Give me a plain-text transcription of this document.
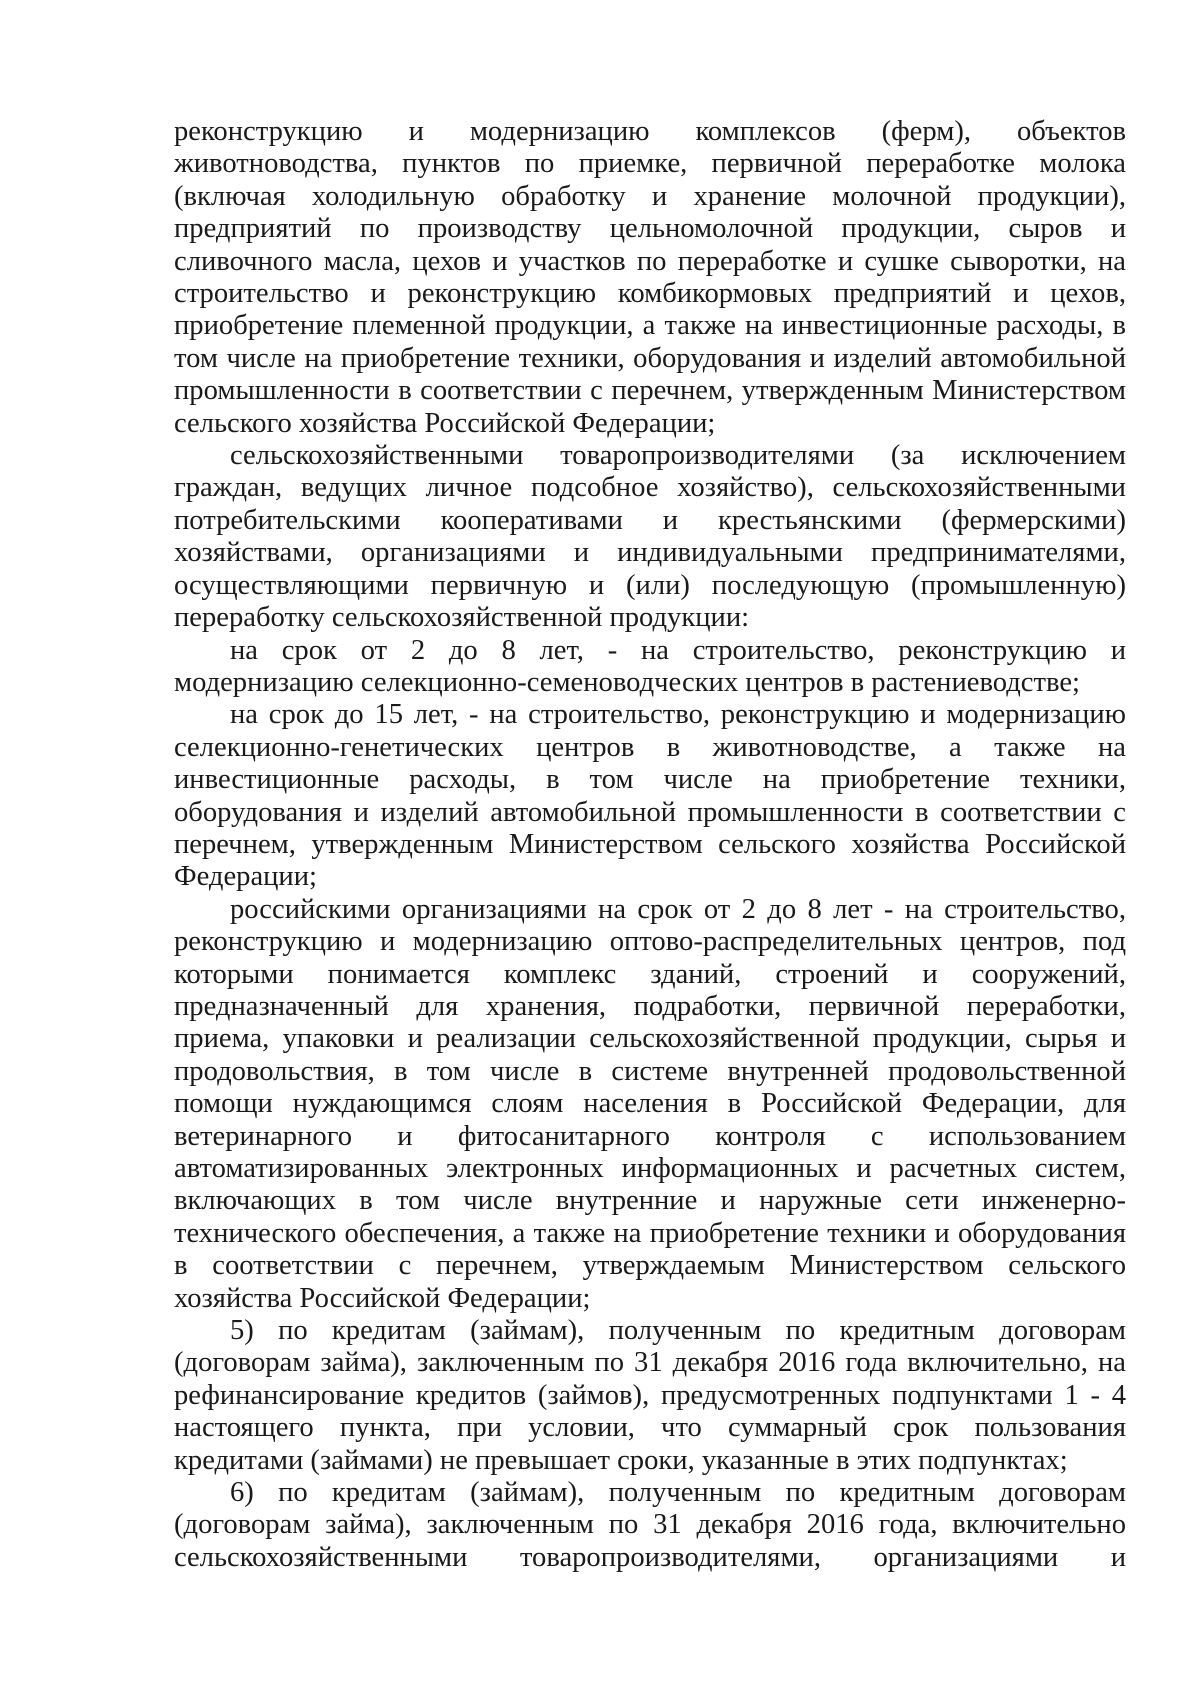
реконструкцию и модернизацию комплексов (ферм), объектов
животноводства, пунктов по приемке, первичной переработке молока
(включая холодильную обработку и хранение молочной продукции),
предприятий по производству цельномолочной продукции, сыров и
сливочного масла, цехов и участков по переработке и сушке сыворотки, на
строительство и реконструкцию комбикормовых предприятий и цехов,
приобретение племенной продукции, а также на инвестиционные расходы, в
том числе на приобретение техники, оборудования и изделий автомобильной
промышленности в соответствии с перечнем, утвержденным Министерством
сельского хозяйства Российской Федерации;

сельскохозяйственными товаропроизводителями (за исключением
граждан, ведущих личное подсобное хозяйство), сельскохозяйственными
потребительскими кооперативами и крестьянскими (фермерскими)
хозяйствами, организациями и индивидуальными предпринимателями,
осуществляющими первичную и (или) последующую (промышленную)
переработку сельскохозяйственной продукции:

на срок от 2 до 8 лет, - на строительство, реконструкцию и
модернизацию селекционно-семеноводческих центров в растениеводстве;

на срок до 15 лет, - на строительство, реконструкцию и модернизацию
селекционно-генетических центров в животноводстве, а также на
инвестиционные расходы, в том числе на приобретение техники,
оборудования и изделий автомобильной промышленности в соответствии с
перечнем, утвержденным Министерством сельского хозяйства Российской
Федерации;

российскими организациями на срок от 2 до 8 лет - на строительство,
реконструкцию и модернизацию оптово-распределительных центров, под
которыми понимается комплекс зданий, строений и сооружений,
предназначенный для хранения, подработки, первичной переработки,
приема, упаковки и реализации сельскохозяйственной продукции, сырья и
продовольствия, в том числе в системе внутренней продовольственной
помощи нуждающимся слоям населения в Российской Федерации, для
ветеринарного и фитосанитарного контроля с использованием
автоматизированных электронных информационных и расчетных систем,
включающих в том числе внутренние и наружные сети инженерно-
технического обеспечения, а также на приобретение техники и оборудования
в соответствии с перечнем, утверждаемым Министерством сельского
хозяйства Российской Федерации;

5) по кредитам (займам), полученным по кредитным договорам
(договорам займа), заключенным по 31 декабря 2016 года включительно, на
рефинансирование кредитов (займов), предусмотренных подпунктами 1 - 4
настоящего пункта, при условии, что суммарный срок пользования
кредитами (займами) не превышает сроки, указанные в этих подпунктах;

6) по кредитам (займам), полученным по кредитным договорам
(договорам займа), заключенным по 31 декабря 2016 года, включительно
сельскохозяйственными товаропроизводителями, организациями и
